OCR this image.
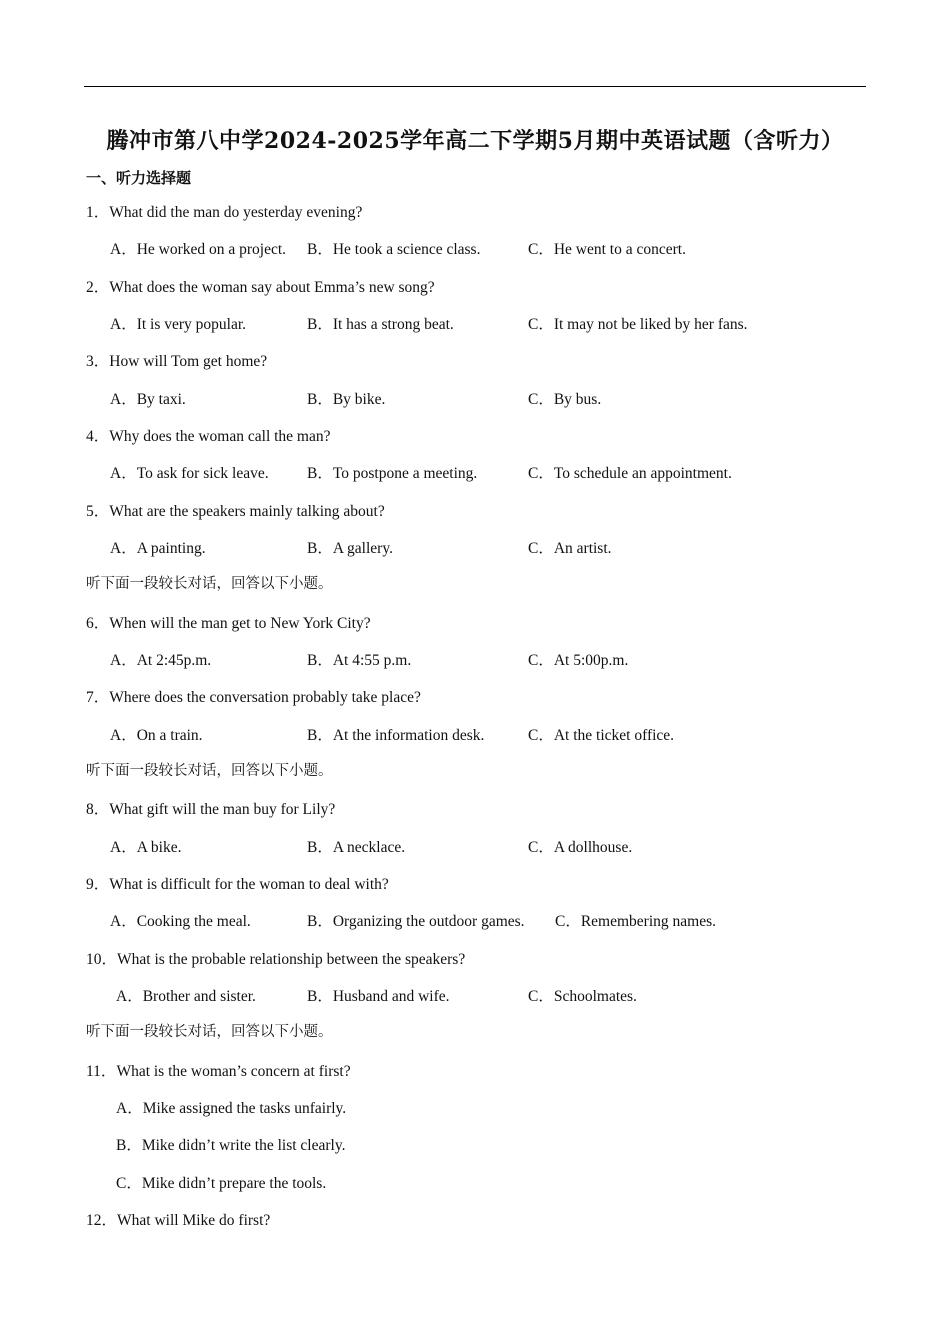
腾冲市第八中学2024-2025学年高二下学期5月期中英语试题（含听力）
一、听力选择题
1．What did the man do yesterday evening?
A．He worked on a project. B．He took a science class.	C．He went to a concert.
2．What does the woman say about Emma’s new song?
A．It is very popular.	B．It has a strong beat.	C．It may not be liked by her fans.
3．How will Tom get home?
A．By taxi.	B．By bike.	C．By bus.
4．Why does the woman call the man?
A．To ask for sick leave. B．To postpone a meeting.	C．To schedule an appointment.
5．What are the speakers mainly talking about?
A．A painting.	B．A gallery.	C．An artist.
听下面一段较长对话，回答以下小题。
6．When will the man get to New York City?
A．At 2:45p.m.	B．At 4:55 p.m.	C．At 5:00p.m.
7．Where does the conversation probably take place?
A．On a train.	B．At the information desk.	C．At the ticket office.
听下面一段较长对话，回答以下小题。
8．What gift will the man buy for Lily?
A．A bike.	B．A necklace.	C．A dollhouse.
9．What is difficult for the woman to deal with?
A．Cooking the meal.	B．Organizing the outdoor games. C．Remembering names.
10．What is the probable relationship between the speakers?
A．Brother and sister.	B．Husband and wife.	C．Schoolmates.
听下面一段较长对话，回答以下小题。
11．What is the woman’s concern at first?
A．Mike assigned the tasks unfairly.
B．Mike didn’t write the list clearly.
C．Mike didn’t prepare the tools.
12．What will Mike do first?
